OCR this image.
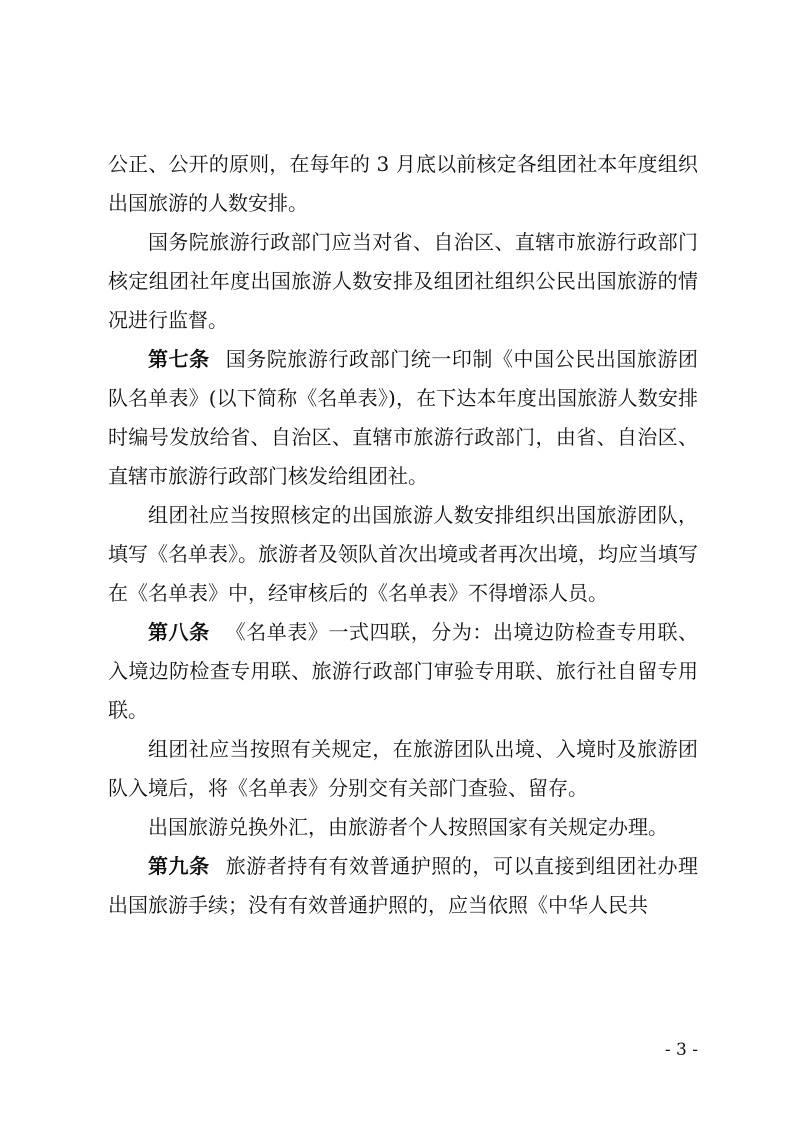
公正、公开的原则，在每年的 3 月底以前核定各组团社本年度组织出国旅游的人数安排。

国务院旅游行政部门应当对省、自治区、直辖市旅游行政部门核定组团社年度出国旅游人数安排及组团社组织公民出国旅游的情况进行监督。

第七条 国务院旅游行政部门统一印制《中国公民出国旅游团队名单表》(以下简称《名单表》)，在下达本年度出国旅游人数安排时编号发放给省、自治区、直辖市旅游行政部门，由省、自治区、直辖市旅游行政部门核发给组团社。

组团社应当按照核定的出国旅游人数安排组织出国旅游团队，填写《名单表》。旅游者及领队首次出境或者再次出境，均应当填写在《名单表》中，经审核后的《名单表》不得增添人员。

第八条 《名单表》一式四联，分为：出境边防检查专用联、入境边防检查专用联、旅游行政部门审验专用联、旅行社自留专用联。

组团社应当按照有关规定，在旅游团队出境、入境时及旅游团队入境后，将《名单表》分别交有关部门查验、留存。

出国旅游兑换外汇，由旅游者个人按照国家有关规定办理。

第九条 旅游者持有有效普通护照的，可以直接到组团社办理出国旅游手续；没有有效普通护照的，应当依照《中华人民共

- 3 -
